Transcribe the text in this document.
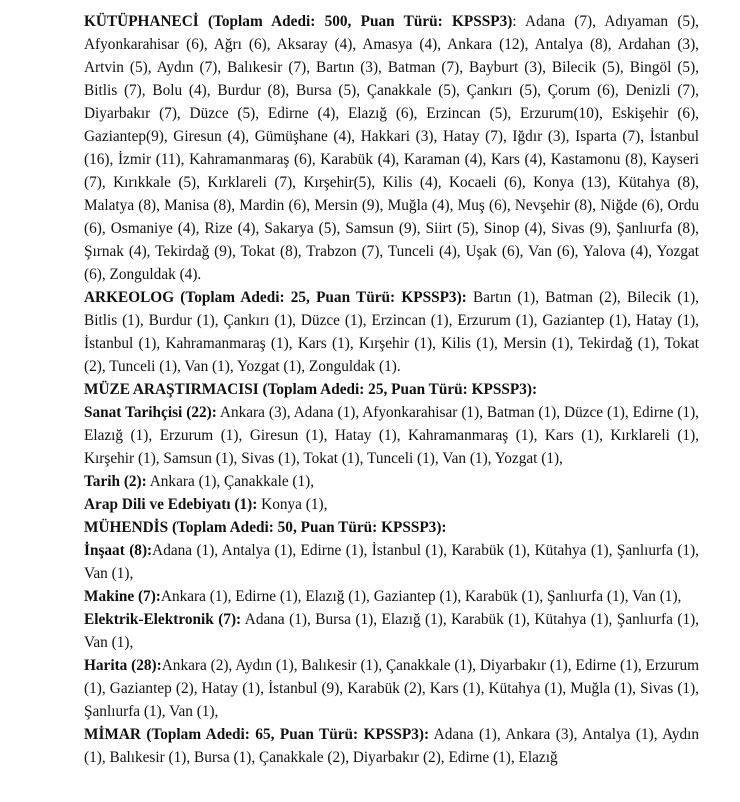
KÜTÜPHANECİ (Toplam Adedi: 500, Puan Türü: KPSSP3): Adana (7), Adıyaman (5), Afyonkarahisar (6), Ağrı (6), Aksaray (4), Amasya (4), Ankara (12), Antalya (8), Ardahan (3), Artvin (5), Aydın (7), Balıkesir (7), Bartın (3), Batman (7), Bayburt (3), Bilecik (5), Bingöl (5), Bitlis (7), Bolu (4), Burdur (8), Bursa (5), Çanakkale (5), Çankırı (5), Çorum (6), Denizli (7), Diyarbakır (7), Düzce (5), Edirne (4), Elazığ (6), Erzincan (5), Erzurum(10), Eskişehir (6), Gaziantep(9), Giresun (4), Gümüşhane (4), Hakkari (3), Hatay (7), Iğdır (3), Isparta (7), İstanbul (16), İzmir (11), Kahramanmaraş (6), Karabük (4), Karaman (4), Kars (4), Kastamonu (8), Kayseri (7), Kırıkkale (5), Kırklareli (7), Kırşehir(5), Kilis (4), Kocaeli (6), Konya (13), Kütahya (8), Malatya (8), Manisa (8), Mardin (6), Mersin (9), Muğla (4), Muş (6), Nevşehir (8), Niğde (6), Ordu (6), Osmaniye (4), Rize (4), Sakarya (5), Samsun (9), Siirt (5), Sinop (4), Sivas (9), Şanlıurfa (8), Şırnak (4), Tekirdağ (9), Tokat (8), Trabzon (7), Tunceli (4), Uşak (6), Van (6), Yalova (4), Yozgat (6), Zonguldak (4).

ARKEOLOG (Toplam Adedi: 25, Puan Türü: KPSSP3): Bartın (1), Batman (2), Bilecik (1), Bitlis (1), Burdur (1), Çankırı (1), Düzce (1), Erzincan (1), Erzurum (1), Gaziantep (1), Hatay (1), İstanbul (1), Kahramanmaraş (1), Kars (1), Kırşehir (1), Kilis (1), Mersin (1), Tekirdağ (1), Tokat (2), Tunceli (1), Van (1), Yozgat (1), Zonguldak (1).

MÜZE ARAŞTIRMACISI (Toplam Adedi: 25, Puan Türü: KPSSP3):

Sanat Tarihçisi (22): Ankara (3), Adana (1), Afyonkarahisar (1), Batman (1), Düzce (1), Edirne (1), Elazığ (1), Erzurum (1), Giresun (1), Hatay (1), Kahramanmaraş (1), Kars (1), Kırklareli (1), Kırşehir (1), Samsun (1), Sivas (1), Tokat (1), Tunceli (1), Van (1), Yozgat (1),

Tarih (2): Ankara (1), Çanakkale (1),

Arap Dili ve Edebiyatı (1): Konya (1),

MÜHENDİS (Toplam Adedi: 50, Puan Türü: KPSSP3):

İnşaat (8):Adana (1), Antalya (1), Edirne (1), İstanbul (1), Karabük (1), Kütahya (1), Şanlıurfa (1), Van (1),

Makine (7):Ankara (1), Edirne (1), Elazığ (1), Gaziantep (1), Karabük (1), Şanlıurfa (1), Van (1),

Elektrik-Elektronik (7): Adana (1), Bursa (1), Elazığ (1), Karabük (1), Kütahya (1), Şanlıurfa (1), Van (1),

Harita (28):Ankara (2), Aydın (1), Balıkesir (1), Çanakkale (1), Diyarbakır (1), Edirne (1), Erzurum (1), Gaziantep (2), Hatay (1), İstanbul (9), Karabük (2), Kars (1), Kütahya (1), Muğla (1), Sivas (1), Şanlıurfa (1), Van (1),

MİMAR (Toplam Adedi: 65, Puan Türü: KPSSP3): Adana (1), Ankara (3), Antalya (1), Aydın (1), Balıkesir (1), Bursa (1), Çanakkale (2), Diyarbakır (2), Edirne (1), Elazığ
